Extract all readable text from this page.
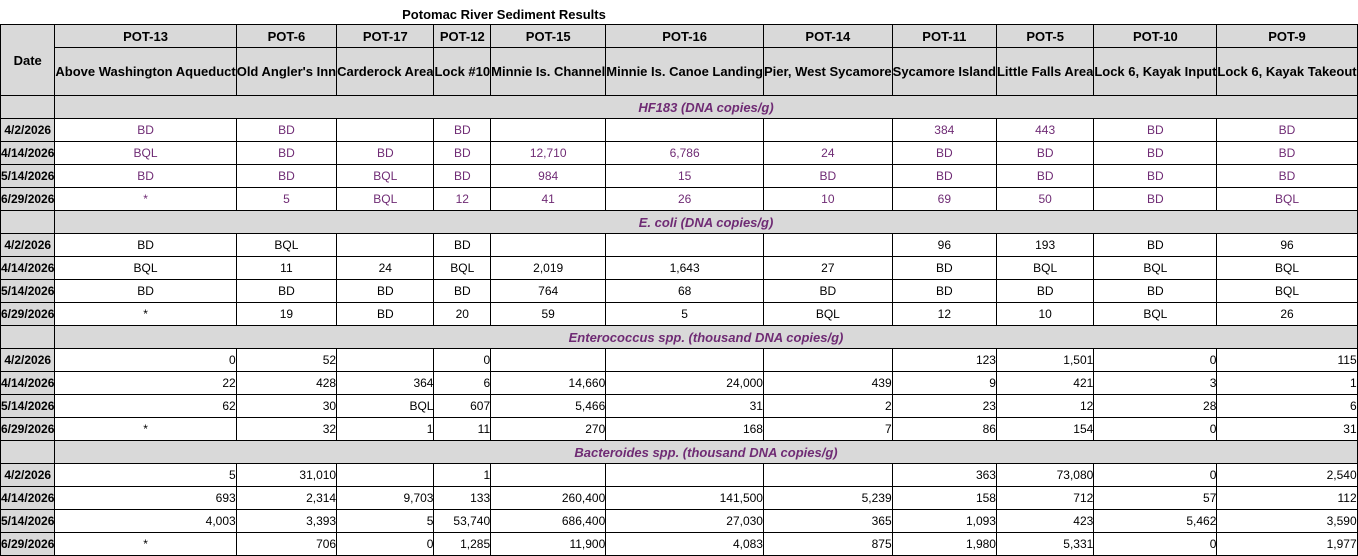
Potomac River Sediment Results
Date	POT-13	POT-6	POT-17	POT-12	POT-15	POT-16	POT-14	POT-11	POT-5	POT-10	POT-9
	Above Washington Aqueduct	Old Angler's Inn	Carderock Area	Lock #10	Minnie Is. Channel	Minnie Is. Canoe Landing	Pier, West Sycamore	Sycamore Island	Little Falls Area	Lock 6, Kayak Input	Lock 6, Kayak Takeout
	HF183 (DNA copies/g)										
4/2/2026	BD	BD		BD				384	443	BD	BD
4/14/2026	BQL	BD	BD	BD	12,710	6,786	24	BD	BD	BD	BD
5/14/2026	BD	BD	BQL	BD	984	15	BD	BD	BD	BD	BD
6/29/2026	*	5	BQL	12	41	26	10	69	50	BD	BQL
	E. coli (DNA copies/g)										
4/2/2026	BD	BQL		BD				96	193	BD	96
4/14/2026	BQL	11	24	BQL	2,019	1,643	27	BD	BQL	BQL	BQL
5/14/2026	BD	BD	BD	BD	764	68	BD	BD	BD	BD	BQL
6/29/2026	*	19	BD	20	59	5	BQL	12	10	BQL	26
	Enterococcus spp. (thousand DNA copies/g)										
4/2/2026	0	52		0				123	1,501	0	115
4/14/2026	22	428	364	6	14,660	24,000	439	9	421	3	1
5/14/2026	62	30	BQL	607	5,466	31	2	23	12	28	6
6/29/2026	*	32	1	11	270	168	7	86	154	0	31
	Bacteroides spp. (thousand DNA copies/g)										
4/2/2026	5	31,010		1				363	73,080	0	2,540
4/14/2026	693	2,314	9,703	133	260,400	141,500	5,239	158	712	57	112
5/14/2026	4,003	3,393	5	53,740	686,400	27,030	365	1,093	423	5,462	3,590
6/29/2026	*	706	0	1,285	11,900	4,083	875	1,980	5,331	0	1,977
